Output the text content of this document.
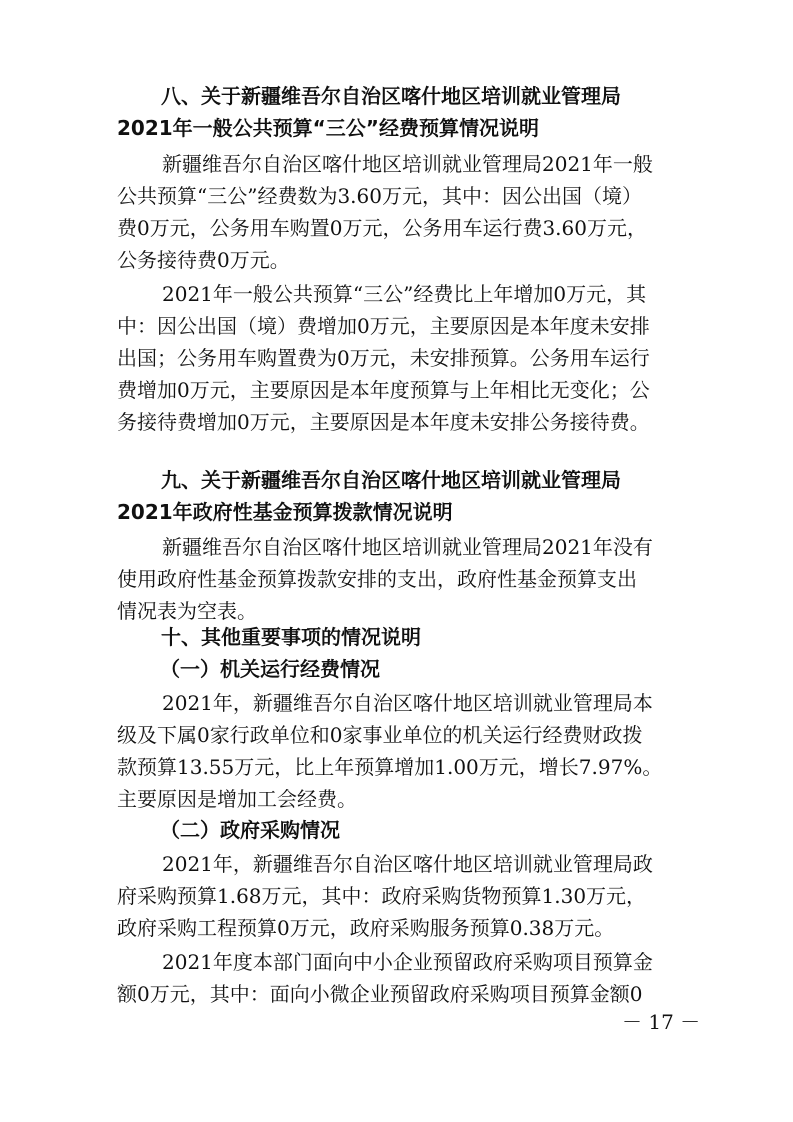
八、关于新疆维吾尔自治区喀什地区培训就业管理局
2021年一般公共预算“三公”经费预算情况说明
新疆维吾尔自治区喀什地区培训就业管理局2021年一般
公共预算“三公”经费数为3.60万元，其中：因公出国（境）
费0万元，公务用车购置0万元，公务用车运行费3.60万元，
公务接待费0万元。
2021年一般公共预算“三公”经费比上年增加0万元，其
中：因公出国（境）费增加0万元，主要原因是本年度未安排
出国；公务用车购置费为0万元，未安排预算。公务用车运行
费增加0万元，主要原因是本年度预算与上年相比无变化；公
务接待费增加0万元，主要原因是本年度未安排公务接待费。
九、关于新疆维吾尔自治区喀什地区培训就业管理局
2021年政府性基金预算拨款情况说明
新疆维吾尔自治区喀什地区培训就业管理局2021年没有
使用政府性基金预算拨款安排的支出，政府性基金预算支出
情况表为空表。
十、其他重要事项的情况说明
（一）机关运行经费情况
2021年，新疆维吾尔自治区喀什地区培训就业管理局本
级及下属0家行政单位和0家事业单位的机关运行经费财政拨
款预算13.55万元，比上年预算增加1.00万元，增长7.97%。
主要原因是增加工会经费。
（二）政府采购情况
2021年，新疆维吾尔自治区喀什地区培训就业管理局政
府采购预算1.68万元，其中：政府采购货物预算1.30万元，
政府采购工程预算0万元，政府采购服务预算0.38万元。
2021年度本部门面向中小企业预留政府采购项目预算金
额0万元，其中：面向小微企业预留政府采购项目预算金额0
－ 17 －
